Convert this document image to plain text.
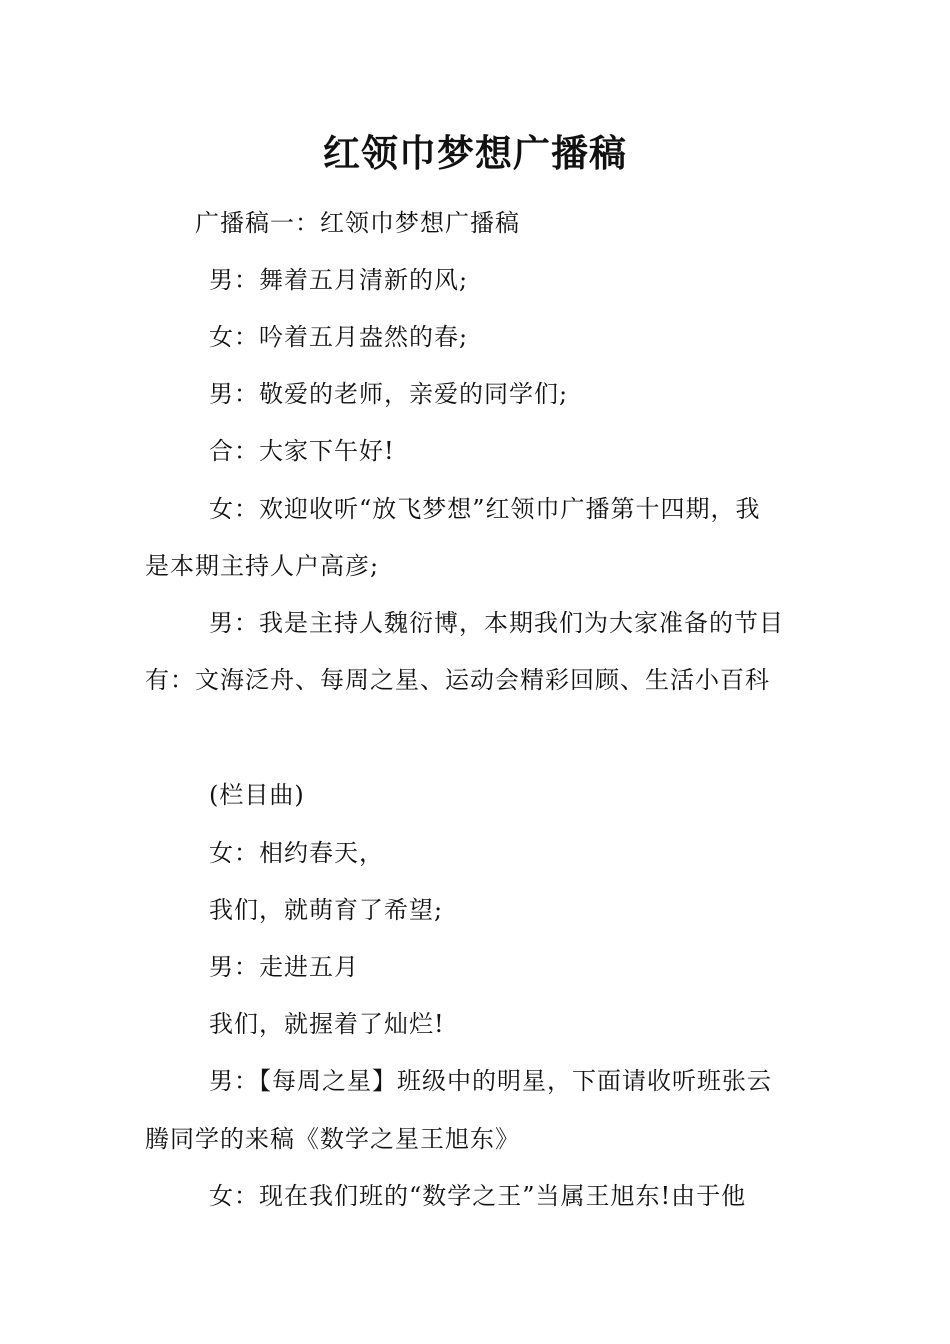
红领巾梦想广播稿
广播稿一：红领巾梦想广播稿
男：舞着五月清新的风;
女：吟着五月盎然的春;
男：敬爱的老师，亲爱的同学们;
合：大家下午好!
女：欢迎收听“放飞梦想”红领巾广播第十四期，我
是本期主持人户高彦;
男：我是主持人魏衍博，本期我们为大家准备的节目
有：文海泛舟、每周之星、运动会精彩回顾、生活小百科
(栏目曲)
女：相约春天，
我们，就萌育了希望;
男：走进五月
我们，就握着了灿烂!
男：【每周之星】班级中的明星，下面请收听班张云
腾同学的来稿《数学之星王旭东》
女：现在我们班的“数学之王”当属王旭东!由于他
